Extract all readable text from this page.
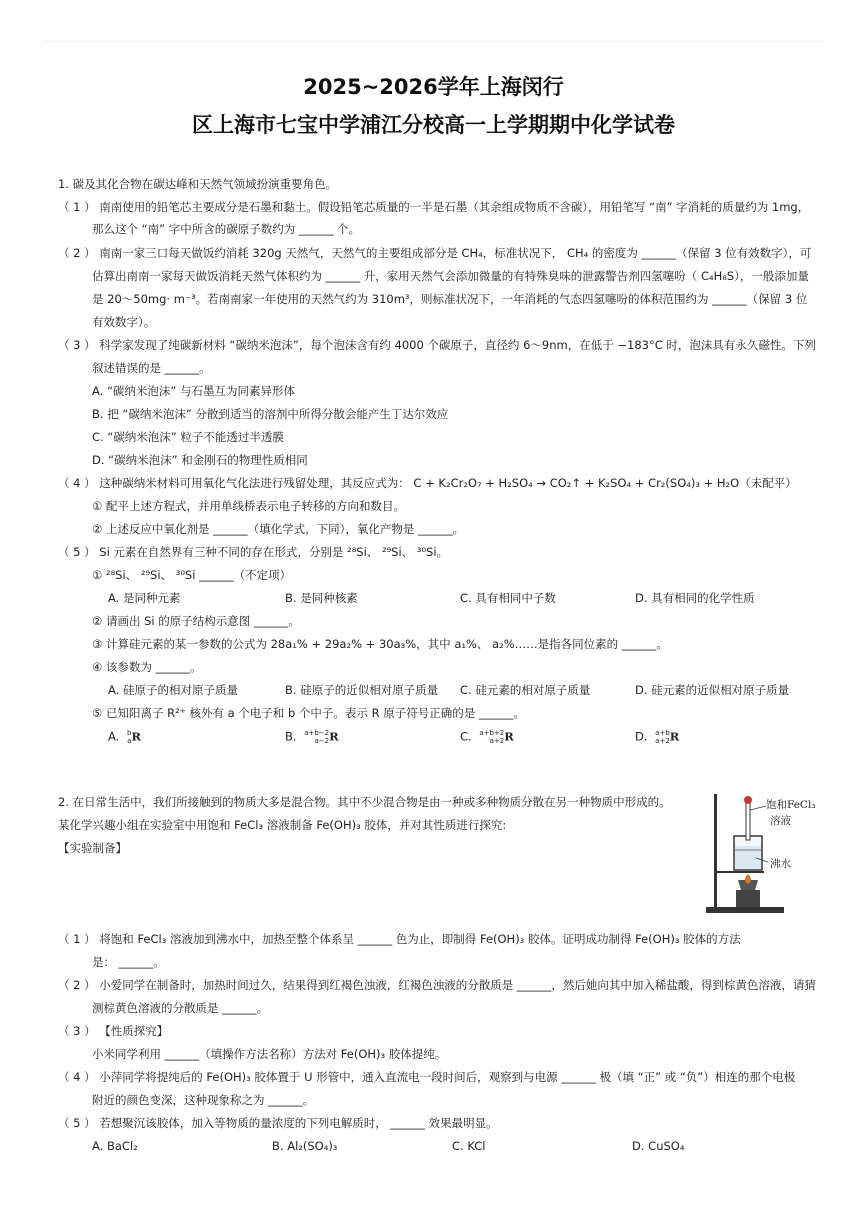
2025~2026学年上海闵行
区上海市七宝中学浦江分校高一上学期期中化学试卷
1. 碳及其化合物在碳达峰和天然气领域扮演重要角色。
（ 1 ） 南南使用的铅笔芯主要成分是石墨和黏土。假设铅笔芯质量的一半是石墨（其余组成物质不含碳），用铅笔写 “南” 字消耗的质量约为 1mg，
那么这个 “南” 字中所含的碳原子数约为 ______ 个。
（ 2 ） 南南一家三口每天做饭约消耗 320g 天然气，天然气的主要组成部分是 CH₄，标准状况下， CH₄ 的密度为 ______（保留 3 位有效数字），可
估算出南南一家每天做饭消耗天然气体积约为 ______ 升，家用天然气会添加微量的有特殊臭味的泄露警告剂四氢噻吩（ C₄H₈S），一般添加量
是 20～50mg· m⁻³。若南南家一年使用的天然气约为 310m³，则标准状况下，一年消耗的气态四氢噻吩的体积范围约为 ______（保留 3 位
有效数字）。
（ 3 ） 科学家发现了纯碳新材料 “碳纳米泡沫”，每个泡沫含有约 4000 个碳原子，直径约 6～9nm，在低于 −183°C 时，泡沫具有永久磁性。下列
叙述错误的是 ______。
A. “碳纳米泡沫” 与石墨互为同素异形体
B. 把 “碳纳米泡沫” 分散到适当的溶剂中所得分散会能产生丁达尔效应
C. “碳纳米泡沫” 粒子不能透过半透膜
D. “碳纳米泡沫” 和金刚石的物理性质相同
（ 4 ） 这种碳纳米材料可用氧化气化法进行残留处理，其反应式为： C + K₂Cr₂O₇ + H₂SO₄ → CO₂↑ + K₂SO₄ + Cr₂(SO₄)₃ + H₂O（未配平）
① 配平上述方程式，并用单线桥表示电子转移的方向和数目。
② 上述反应中氧化剂是 ______（填化学式，下同），氧化产物是 ______。
（ 5 ） Si 元素在自然界有三种不同的存在形式，分别是 ²⁸Si、 ²⁹Si、 ³⁰Si。
① ²⁸Si、 ²⁹Si、 ³⁰Si ______（不定项）
A. 是同种元素	B. 是同种核素	C. 具有相同中子数	D. 具有相同的化学性质
② 请画出 Si 的原子结构示意图 ______。
③ 计算硅元素的某一参数的公式为 28a₁% + 29a₂% + 30a₃%，其中 a₁%、 a₂%……是指各同位素的 ______。
④ 该参数为 ______。
A. 硅原子的相对原子质量	B. 硅原子的近似相对原子质量 C. 硅元素的相对原子质量	D. 硅元素的近似相对原子质量
⑤ 已知阳离子 R²⁺ 核外有 a 个电子和 b 个中子。表示 R 原子符号正确的是 ______。
A. b
a R	B. a+b−2
a−2 R	C. a+b+2
a+2 R	D. a+b
a+2 R
2. 在日常生活中，我们所接触到的物质大多是混合物。其中不少混合物是由一种或多种物质分散在另一种物质中形成的。
某化学兴趣小组在实验室中用饱和 FeCl₃ 溶液制备 Fe(OH)₃ 胶体，并对其性质进行探究:
【实验制备】
饱和FeCl₃
溶液
沸水
（ 1 ） 将饱和 FeCl₃ 溶液加到沸水中，加热至整个体系呈 ______ 色为止，即制得 Fe(OH)₃ 胶体。证明成功制得 Fe(OH)₃ 胶体的方法
是： ______。
（ 2 ） 小爱同学在制备时，加热时间过久，结果得到红褐色浊液，红褐色浊液的分散质是 ______，然后她向其中加入稀盐酸，得到棕黄色溶液，请猜
测棕黄色溶液的分散质是 ______。
（ 3 ） 【性质探究】
小米同学利用 ______（填操作方法名称）方法对 Fe(OH)₃ 胶体提纯。
（ 4 ） 小萍同学将提纯后的 Fe(OH)₃ 胶体置于 U 形管中，通入直流电一段时间后，观察到与电源 ______ 极（填 “正” 或 “负”）相连的那个电极
附近的颜色变深，这种现象称之为 ______。
（ 5 ） 若想聚沉该胶体，加入等物质的量浓度的下列电解质时， ______ 效果最明显。
A. BaCl₂	B. Al₂(SO₄)₃	C. KCl	D. CuSO₄
